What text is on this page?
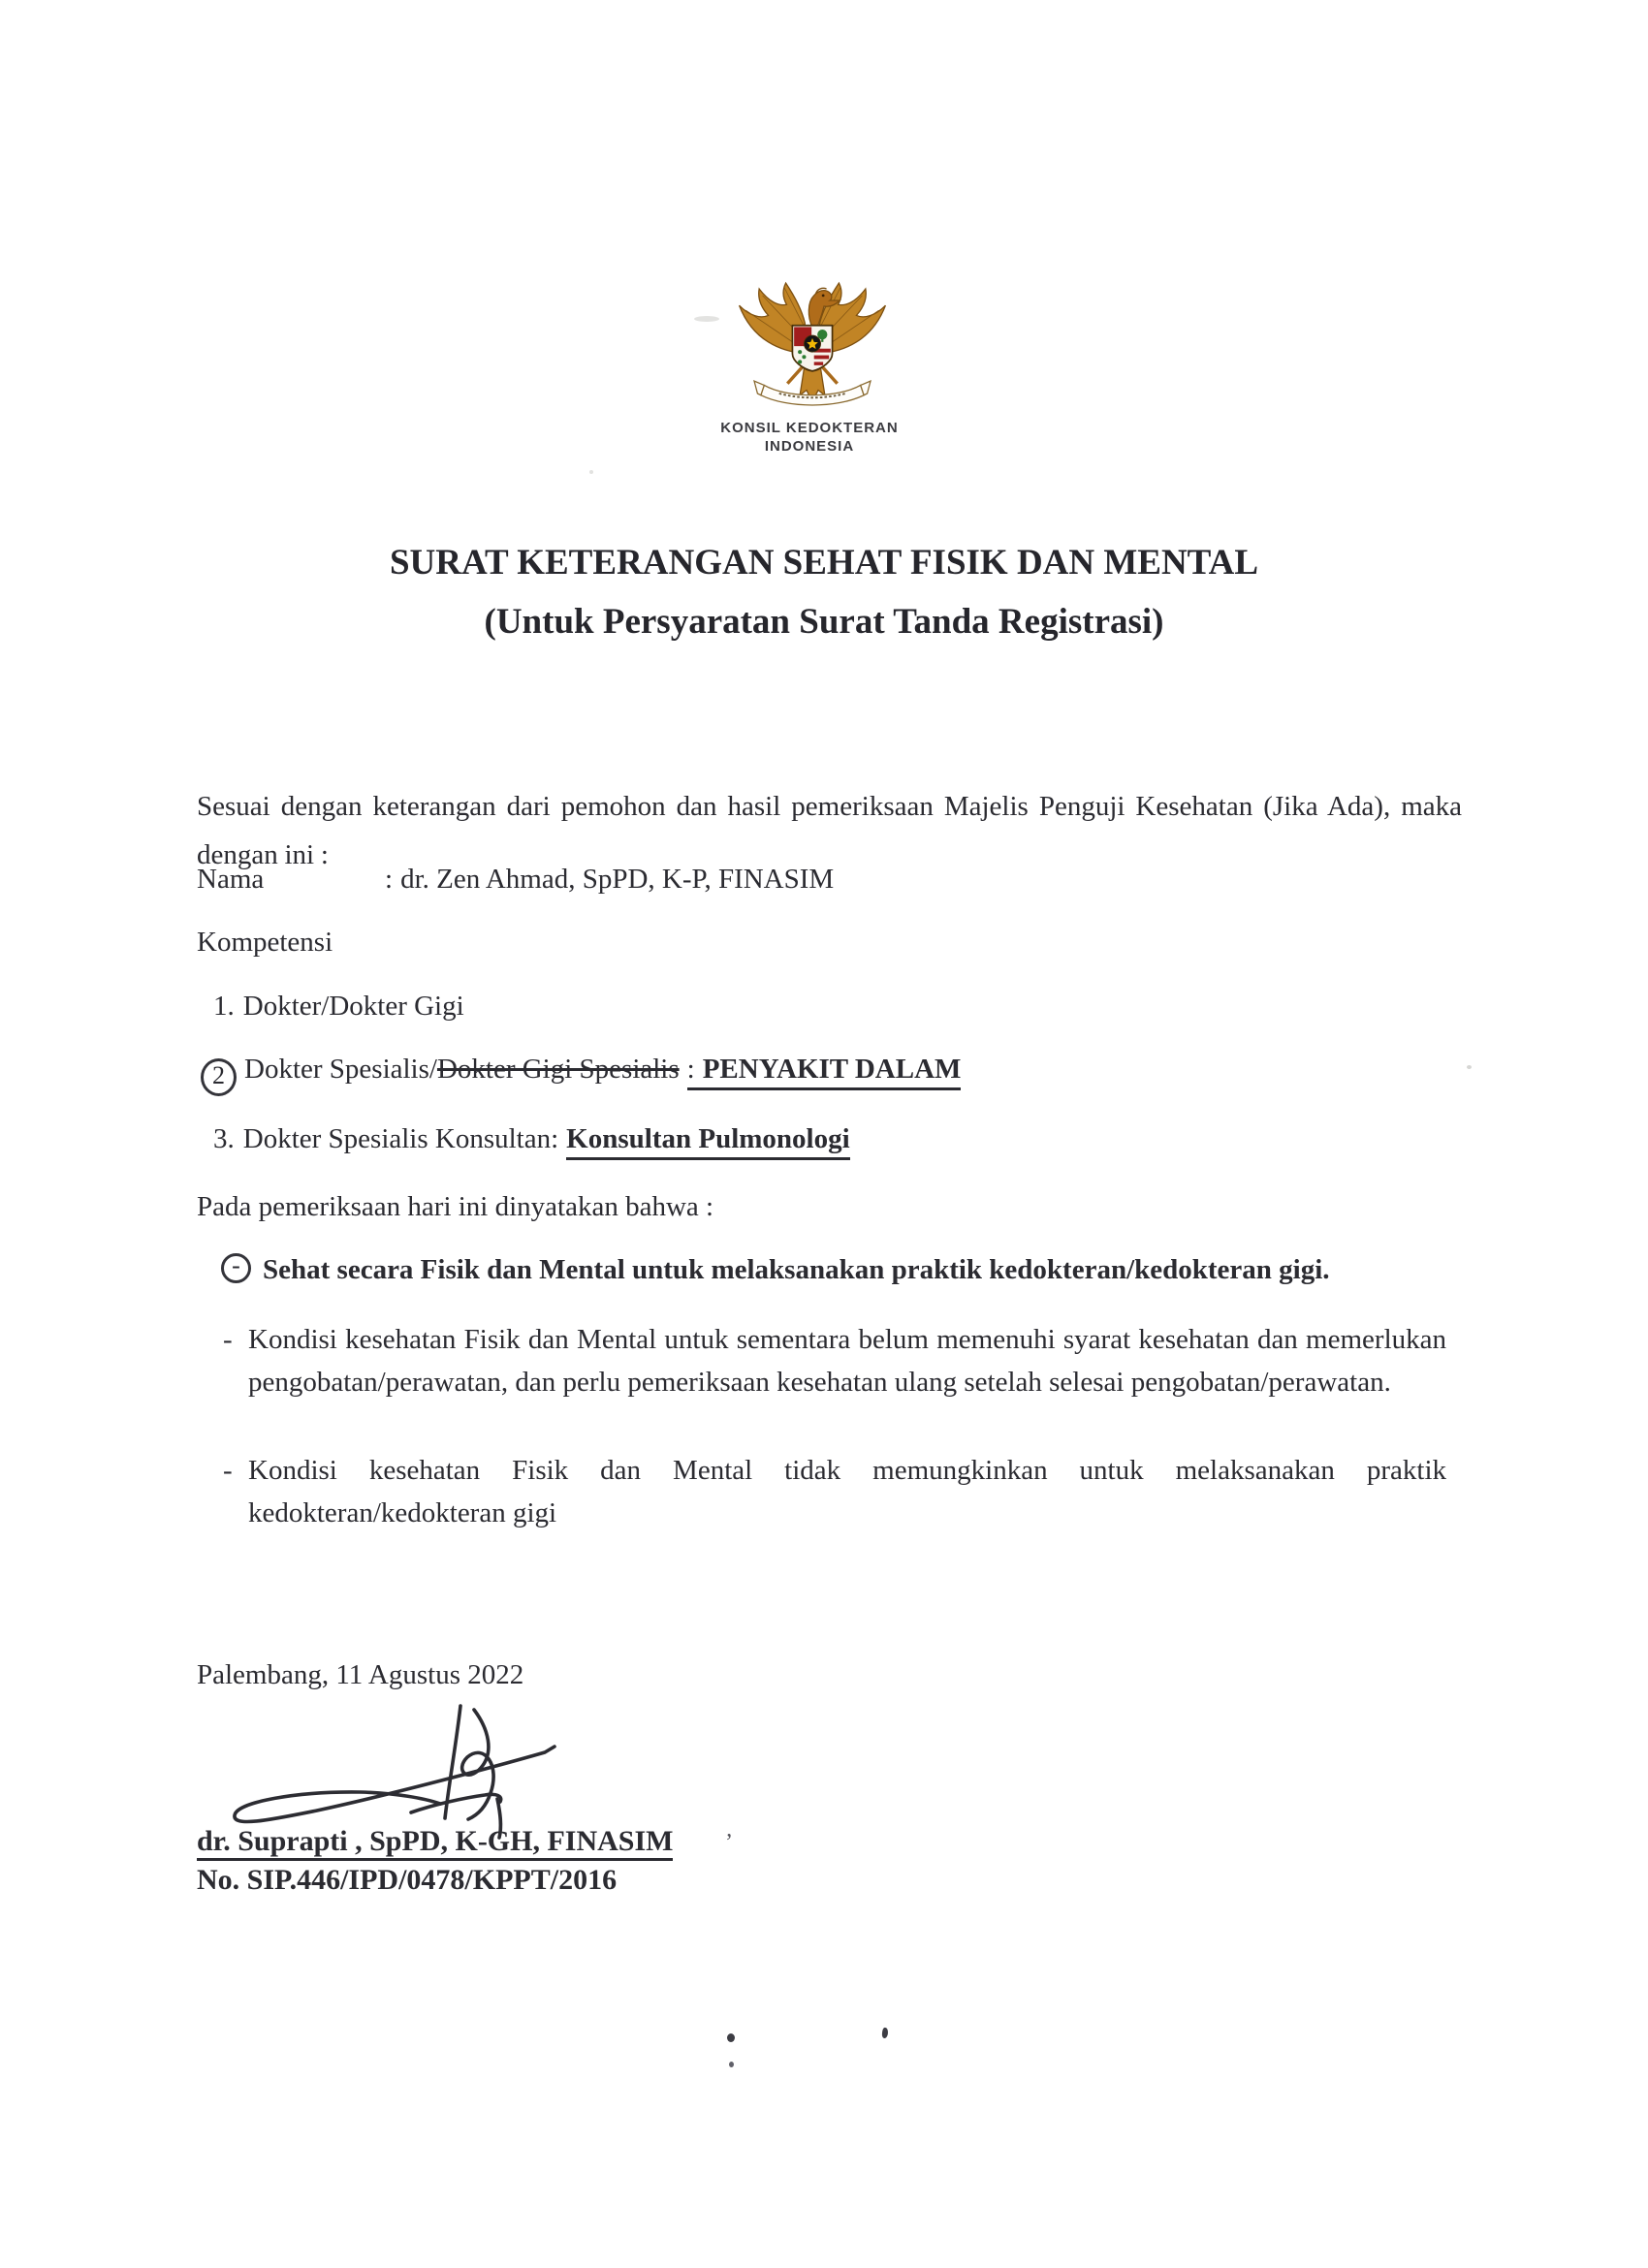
KONSIL KEDOKTERAN
INDONESIA
SURAT KETERANGAN SEHAT FISIK DAN MENTAL
(Untuk Persyaratan Surat Tanda Registrasi)

Sesuai dengan keterangan dari pemohon dan hasil pemeriksaan Majelis Penguji Kesehatan (Jika Ada), maka dengan ini :

Nama	: dr. Zen Ahmad, SpPD, K-P, FINASIM
Kompetensi
1. Dokter/Dokter Gigi
2 Dokter Spesialis/Dokter Gigi Spesialis : PENYAKIT DALAM
3. Dokter Spesialis Konsultan: Konsultan Pulmonologi
Pada pemeriksaan hari ini dinyatakan bahwa :
- Sehat secara Fisik dan Mental untuk melaksanakan praktik kedokteran/kedokteran gigi.
- Kondisi kesehatan Fisik dan Mental untuk sementara belum memenuhi syarat kesehatan dan memerlukan pengobatan/perawatan, dan perlu pemeriksaan kesehatan ulang setelah selesai pengobatan/perawatan.
- Kondisi kesehatan Fisik dan Mental tidak memungkinkan untuk melaksanakan praktik kedokteran/kedokteran gigi
Palembang, 11 Agustus 2022
dr. Suprapti , SpPD, K-GH, FINASIM
No. SIP.446/IPD/0478/KPPT/2016
’
